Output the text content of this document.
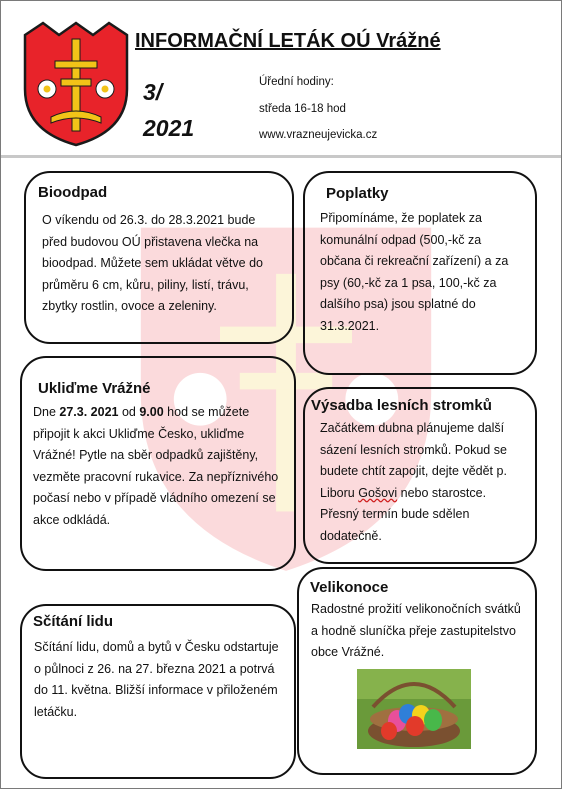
INFORMAČNÍ LETÁK OÚ Vrážné
3/
2021
Úřední hodiny:
středa 16-18 hod
www.vrazneujevicka.cz
Bioodpad
O víkendu od 26.3. do 28.3.2021 bude před budovou OÚ přistavena vlečka na bioodpad. Můžete sem ukládat větve do průměru 6 cm, kůru, piliny, listí, trávu, zbytky rostlin, ovoce a zeleniny.
Poplatky
Připomínáme, že poplatek za komunální odpad (500,-kč za občana či rekreační zařízení) a za psy (60,-kč za 1 psa, 100,-kč za dalšího psa) jsou splatné do 31.3.2021.
Ukliďme Vrážné
Dne 27.3. 2021 od 9.00 hod se můžete připojit k akci Ukliďme Česko, ukliďme Vrážné! Pytle na sběr odpadků zajištěny, vezměte pracovní rukavice. Za nepříznivého počasí nebo v případě vládního omezení se akce odkládá.
Výsadba lesních stromků
Začátkem dubna plánujeme další sázení lesních stromků. Pokud se budete chtít zapojit, dejte vědět p. Liboru Gošovi nebo starostce. Přesný termín bude sdělen dodatečně.
Sčítání lidu
Sčítání lidu, domů a bytů v Česku odstartuje o půlnoci z 26. na 27. března 2021 a potrvá do 11. května. Bližší informace v přiloženém letáčku.
Velikonoce
Radostné prožití velikonočních svátků a hodně sluníčka přeje zastupitelstvo obce Vrážné.
